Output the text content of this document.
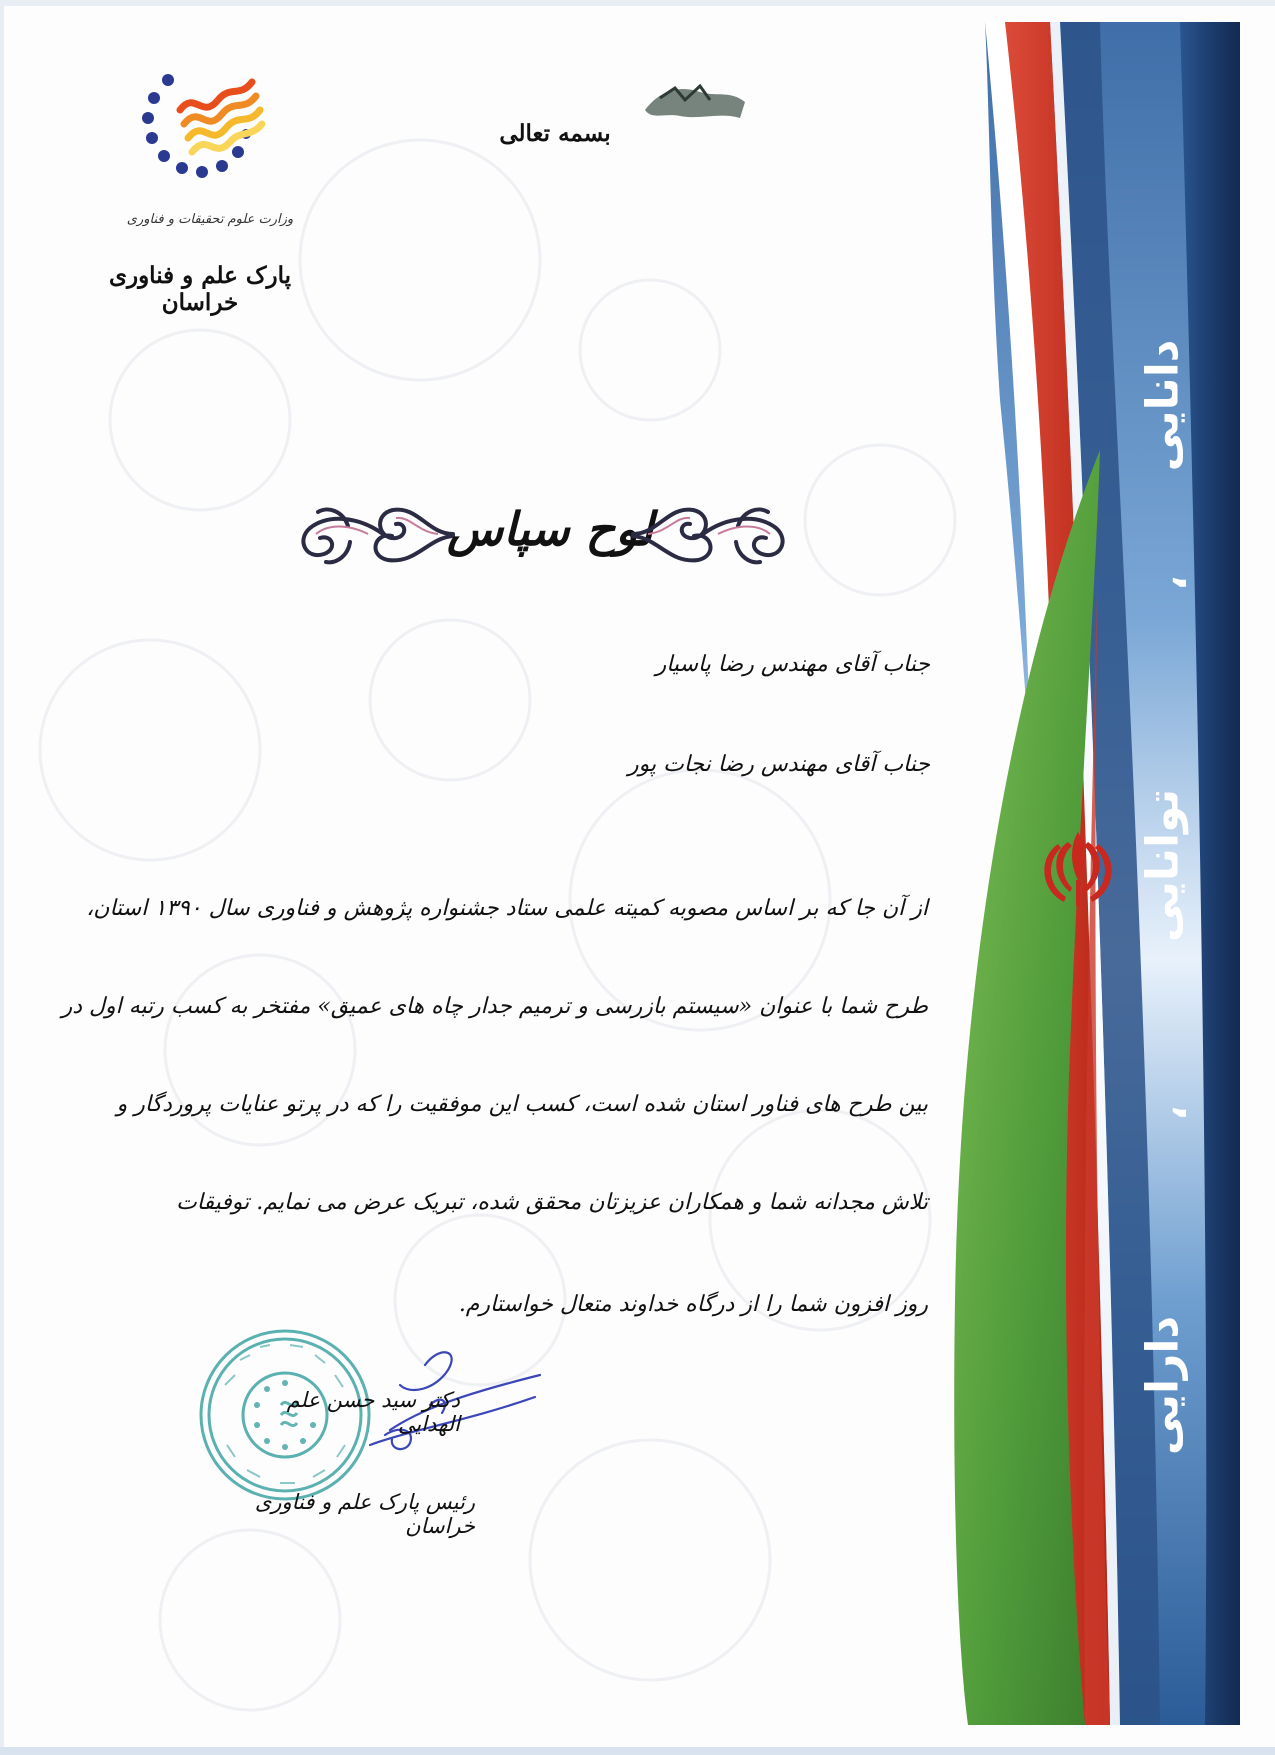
دانایی
،
توانایی
،
دارایی
وزارت علوم تحقیقات و فناوری
پارک علم و فناوری خراسان
بسمه تعالی
لوح سپاس
جناب آقای مهندس رضا پاسیار
جناب آقای مهندس رضا نجات پور
از آن جا که بر اساس مصوبه کمیته علمی ستاد جشنواره پژوهش و فناوری سال ۱۳۹۰ استان،
طرح شما با عنوان «سیستم بازرسی و ترمیم جدار چاه های عمیق» مفتخر به کسب رتبه اول در
بین طرح های فناور استان شده است، کسب این موفقیت را که در پرتو عنایات پروردگار و
تلاش مجدانه شما و همکاران عزیزتان محقق شده، تبریک عرض می نمایم. توفیقات
روز افزون شما را از درگاه خداوند متعال خواستارم.
دکتر سید حسن علم الهدایی
رئیس پارک علم و فناوری خراسان
